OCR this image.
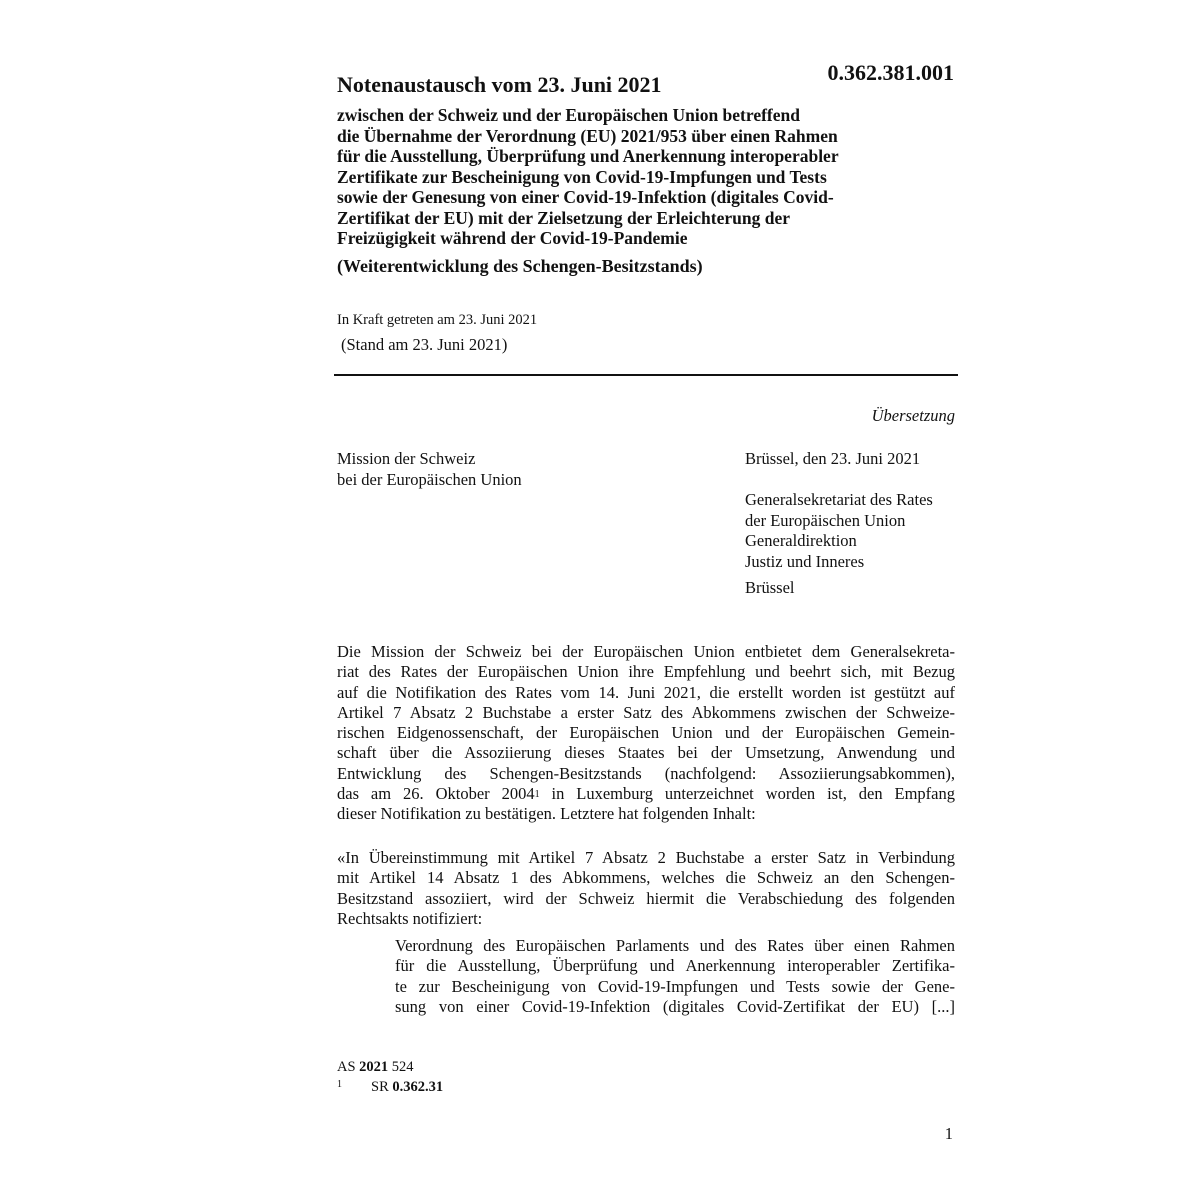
0.362.381.001
Notenaustausch vom 23. Juni 2021
zwischen der Schweiz und der Europäischen Union betreffend
die Übernahme der Verordnung (EU) 2021/953 über einen Rahmen
für die Ausstellung, Überprüfung und Anerkennung interoperabler
Zertifikate zur Bescheinigung von Covid-19-Impfungen und Tests
sowie der Genesung von einer Covid-19-Infektion (digitales Covid-
Zertifikat der EU) mit der Zielsetzung der Erleichterung der
Freizügigkeit während der Covid-19-Pandemie
(Weiterentwicklung des Schengen-Besitzstands)
In Kraft getreten am 23. Juni 2021
(Stand am 23. Juni 2021)
Übersetzung
Mission der Schweiz
bei der Europäischen Union
Brüssel, den 23. Juni 2021
Generalsekretariat des Rates
der Europäischen Union
Generaldirektion
Justiz und Inneres
Brüssel
Die Mission der Schweiz bei der Europäischen Union entbietet dem Generalsekreta-
riat des Rates der Europäischen Union ihre Empfehlung und beehrt sich, mit Bezug
auf die Notifikation des Rates vom 14. Juni 2021, die erstellt worden ist gestützt auf
Artikel 7 Absatz 2 Buchstabe a erster Satz des Abkommens zwischen der Schweize-
rischen Eidgenossenschaft, der Europäischen Union und der Europäischen Gemein-
schaft über die Assoziierung dieses Staates bei der Umsetzung, Anwendung und
Entwicklung des Schengen-Besitzstands (nachfolgend: Assoziierungsabkommen),
das am 26. Oktober 2004$^1$ in Luxemburg unterzeichnet worden ist, den Empfang
dieser Notifikation zu bestätigen. Letztere hat folgenden Inhalt:
«In Übereinstimmung mit Artikel 7 Absatz 2 Buchstabe a erster Satz in Verbindung
mit Artikel 14 Absatz 1 des Abkommens, welches die Schweiz an den Schengen-
Besitzstand assoziiert, wird der Schweiz hiermit die Verabschiedung des folgenden
Rechtsakts notifiziert:
Verordnung des Europäischen Parlaments und des Rates über einen Rahmen
für die Ausstellung, Überprüfung und Anerkennung interoperabler Zertifika-
te zur Bescheinigung von Covid-19-Impfungen und Tests sowie der Gene-
sung von einer Covid-19-Infektion (digitales Covid-Zertifikat der EU) [...]
AS 2021 524
1 SR 0.362.31
1
